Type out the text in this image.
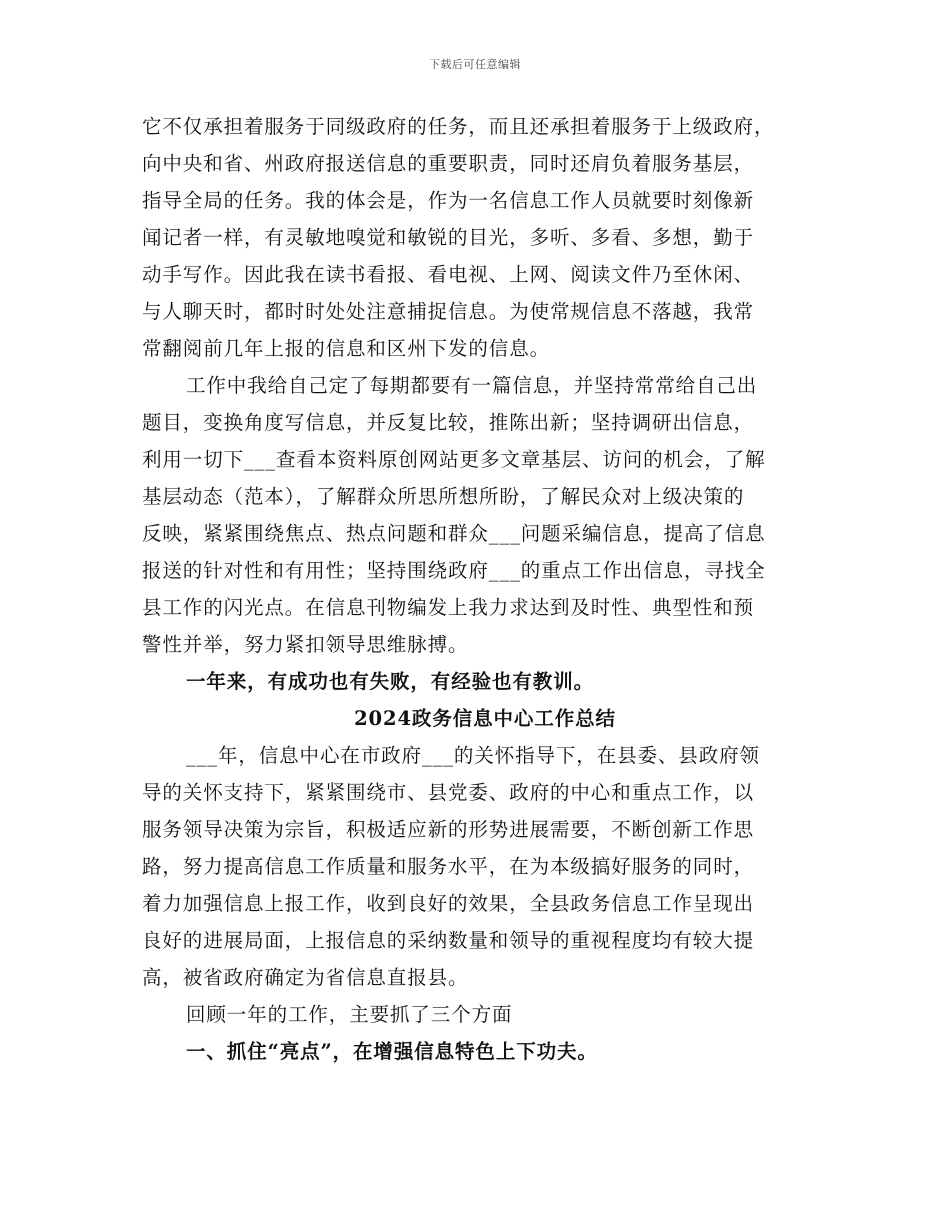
下载后可任意编辑
它不仅承担着服务于同级政府的任务，而且还承担着服务于上级政府，
向中央和省、州政府报送信息的重要职责，同时还肩负着服务基层，
指导全局的任务。我的体会是，作为一名信息工作人员就要时刻像新
闻记者一样，有灵敏地嗅觉和敏锐的目光，多听、多看、多想，勤于
动手写作。因此我在读书看报、看电视、上网、阅读文件乃至休闲、
与人聊天时，都时时处处注意捕捉信息。为使常规信息不落越，我常
常翻阅前几年上报的信息和区州下发的信息。
工作中我给自己定了每期都要有一篇信息，并坚持常常给自己出
题目，变换角度写信息，并反复比较，推陈出新；坚持调研出信息，
利用一切下___查看本资料原创网站更多文章基层、访问的机会，了解
基层动态（范本），了解群众所思所想所盼，了解民众对上级决策的
反映，紧紧围绕焦点、热点问题和群众___问题采编信息，提高了信息
报送的针对性和有用性；坚持围绕政府___的重点工作出信息，寻找全
县工作的闪光点。在信息刊物编发上我力求达到及时性、典型性和预
警性并举，努力紧扣领导思维脉搏。
一年来，有成功也有失败，有经验也有教训。
2024政务信息中心工作总结
___年，信息中心在市政府___的关怀指导下，在县委、县政府领
导的关怀支持下，紧紧围绕市、县党委、政府的中心和重点工作，以
服务领导决策为宗旨，积极适应新的形势进展需要，不断创新工作思
路，努力提高信息工作质量和服务水平，在为本级搞好服务的同时，
着力加强信息上报工作，收到良好的效果，全县政务信息工作呈现出
良好的进展局面，上报信息的采纳数量和领导的重视程度均有较大提
高，被省政府确定为省信息直报县。
回顾一年的工作，主要抓了三个方面
一、抓住“亮点”，在增强信息特色上下功夫。
